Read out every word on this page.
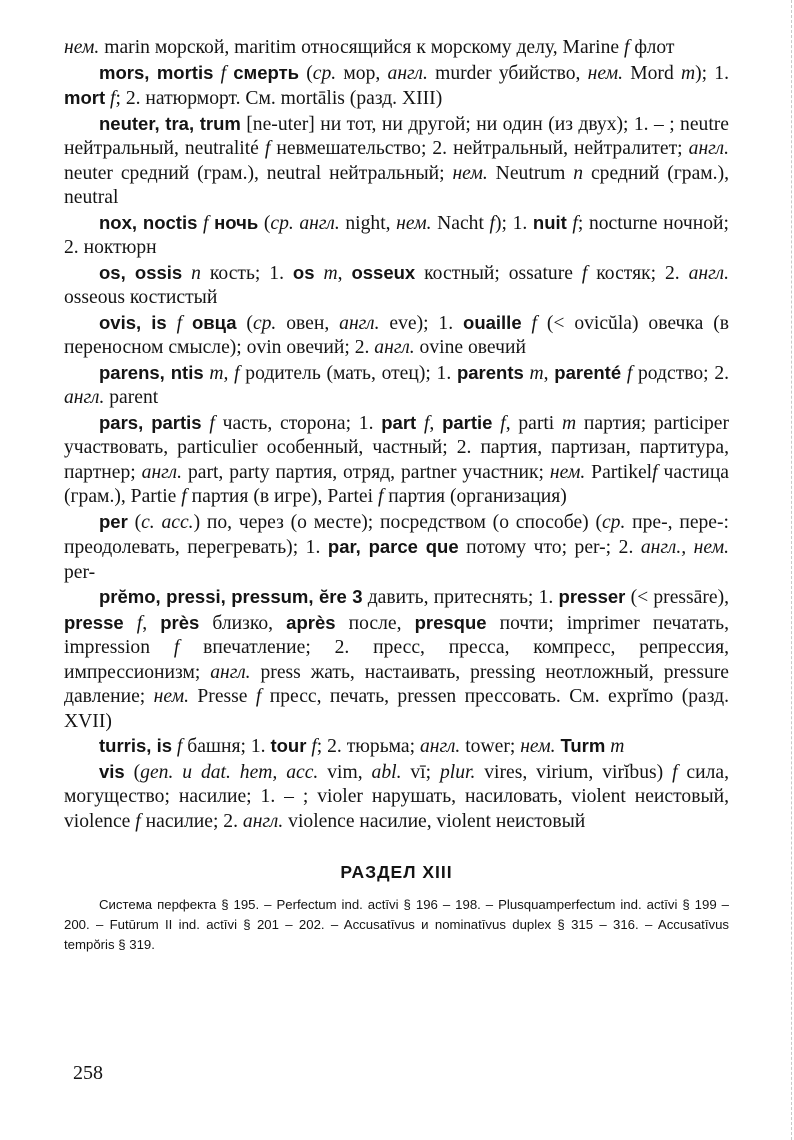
нем. marin морской, maritim относящийся к морскому делу, Marine f флот

mors, mortis f смерть (ср. мор, англ. murder убийство, нем. Mord m); 1. mort f; 2. натюрморт. См. mortālis (разд. XIII)

neuter, tra, trum [ne-uter] ни тот, ни другой; ни один (из двух); 1. – ; neutre нейтральный, neutralité f невмешательство; 2. нейтральный, нейтралитет; англ. neuter средний (грам.), neutral нейтральный; нем. Neutrum n средний (грам.), neutral

nox, noctis f ночь (ср. англ. night, нем. Nacht f); 1. nuit f; nocturne ночной; 2. ноктюрн

os, ossis n кость; 1. os m, osseux костный; ossature f костяк; 2. англ. osseous костистый

ovis, is f овца (ср. овен, англ. eve); 1. ouaille f (< ovicŭla) овечка (в переносном смысле); ovin овечий; 2. англ. ovine овечий

parens, ntis m, f родитель (мать, отец); 1. parents m, parenté f родство; 2. англ. parent

pars, partis f часть, сторона; 1. part f, partie f, parti m партия; participer участвовать, particulier особенный, частный; 2. партия, партизан, партитура, партнер; англ. part, party партия, отряд, partner участник; нем. Partikelf частица (грам.), Partie f партия (в игре), Partei f партия (организация)

per (c. acc.) по, через (о месте); посредством (о способе) (ср. пре-, пере-: преодолевать, перегревать); 1. par, parce que потому что; per-; 2. англ., нем. per-

prĕmo, pressi, pressum, ĕre 3 давить, притеснять; 1. presser (< pressāre), presse f, près близко, après после, presque почти; imprimer печатать, impression f впечатление; 2. пресс, пресса, компресс, репрессия, импрессионизм; англ. press жать, настаивать, pressing неотложный, pressure давление; нем. Presse f пресс, печать, pressen прессовать. См. exprĭmo (разд. XVII)

turris, is f башня; 1. tour f; 2. тюрьма; англ. tower; нем. Turm m

vis (gen. u dat. hem, acc. vim, abl. vī; plur. vires, virium, virĭbus) f сила, могущество; насилие; 1. – ; violer нарушать, насиловать, violent неистовый, violence f насилие; 2. англ. violence насилие, violent неистовый

РАЗДЕЛ XIII

Система перфекта § 195. – Perfectum ind. actīvi § 196 – 198. – Plusquamperfectum ind. actīvi § 199 – 200. – Futūrum II ind. actīvi § 201 – 202. – Accusatīvus и nominatīvus duplex § 315 – 316. – Accusatīvus tempŏris § 319.

258
